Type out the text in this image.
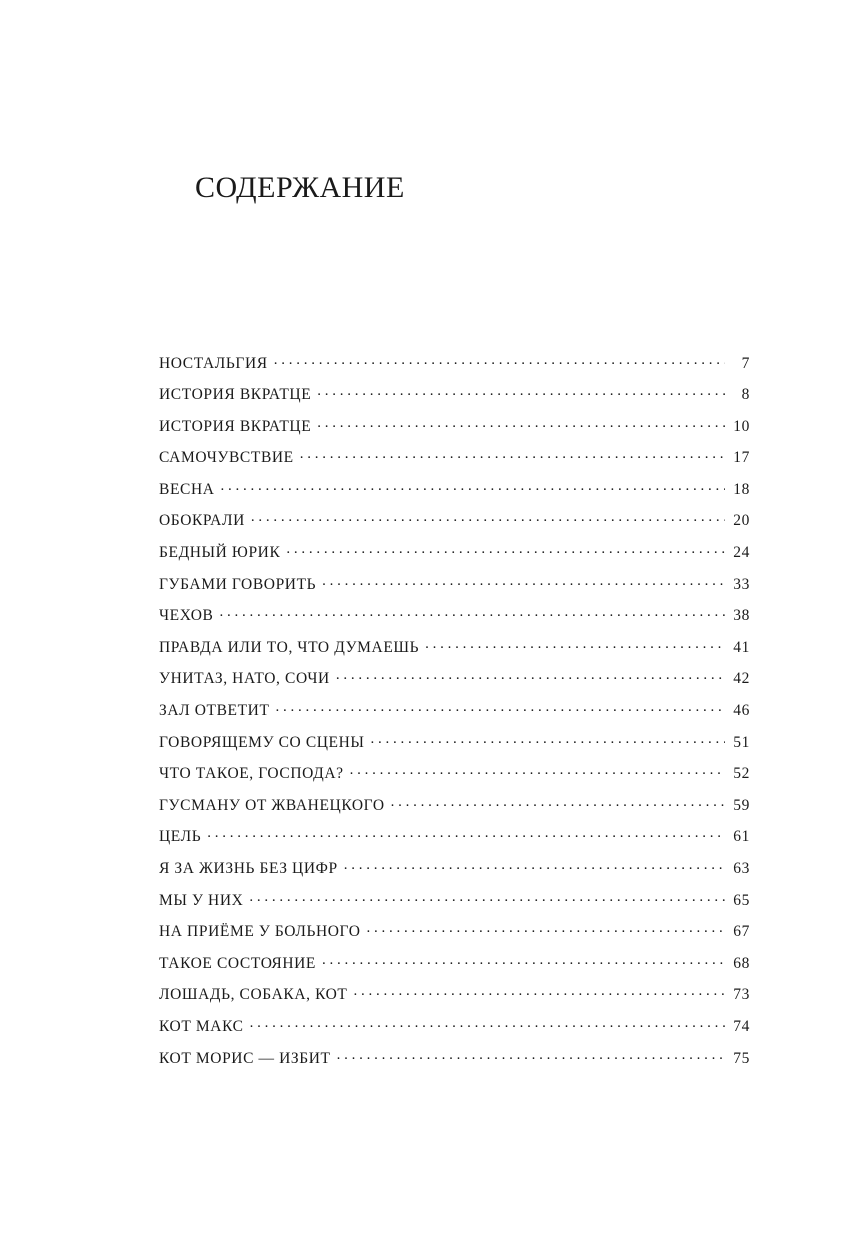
СОДЕРЖАНИЕ
НОСТАЛЬГИЯ . . .	7
ИСТОРИЯ ВКРАТЦЕ . . .	8
ИСТОРИЯ ВКРАТЦЕ . . .	10
САМОЧУВСТВИЕ . . .	17
ВЕСНА . . .	18
ОБОКРАЛИ . . .	20
БЕДНЫЙ ЮРИК . . .	24
ГУБАМИ ГОВОРИТЬ . . .	33
ЧЕХОВ . . .	38
ПРАВДА ИЛИ ТО, ЧТО ДУМАЕШЬ . . .	41
УНИТАЗ, НАТО, СОЧИ . . .	42
ЗАЛ ОТВЕТИТ . . .	46
ГОВОРЯЩЕМУ СО СЦЕНЫ . . .	51
ЧТО ТАКОЕ, ГОСПОДА? . . .	52
ГУСМАНУ ОТ ЖВАНЕЦКОГО . . .	59
ЦЕЛЬ . . .	61
Я ЗА ЖИЗНЬ БЕЗ ЦИФР . . .	63
МЫ У НИХ . . .	65
НА ПРИЁМЕ У БОЛЬНОГО . . .	67
ТАКОЕ СОСТОЯНИЕ . . .	68
ЛОШАДЬ, СОБАКА, КОТ . . .	73
КОТ МАКС . . .	74
КОТ МОРИС — ИЗБИТ . . .	75
